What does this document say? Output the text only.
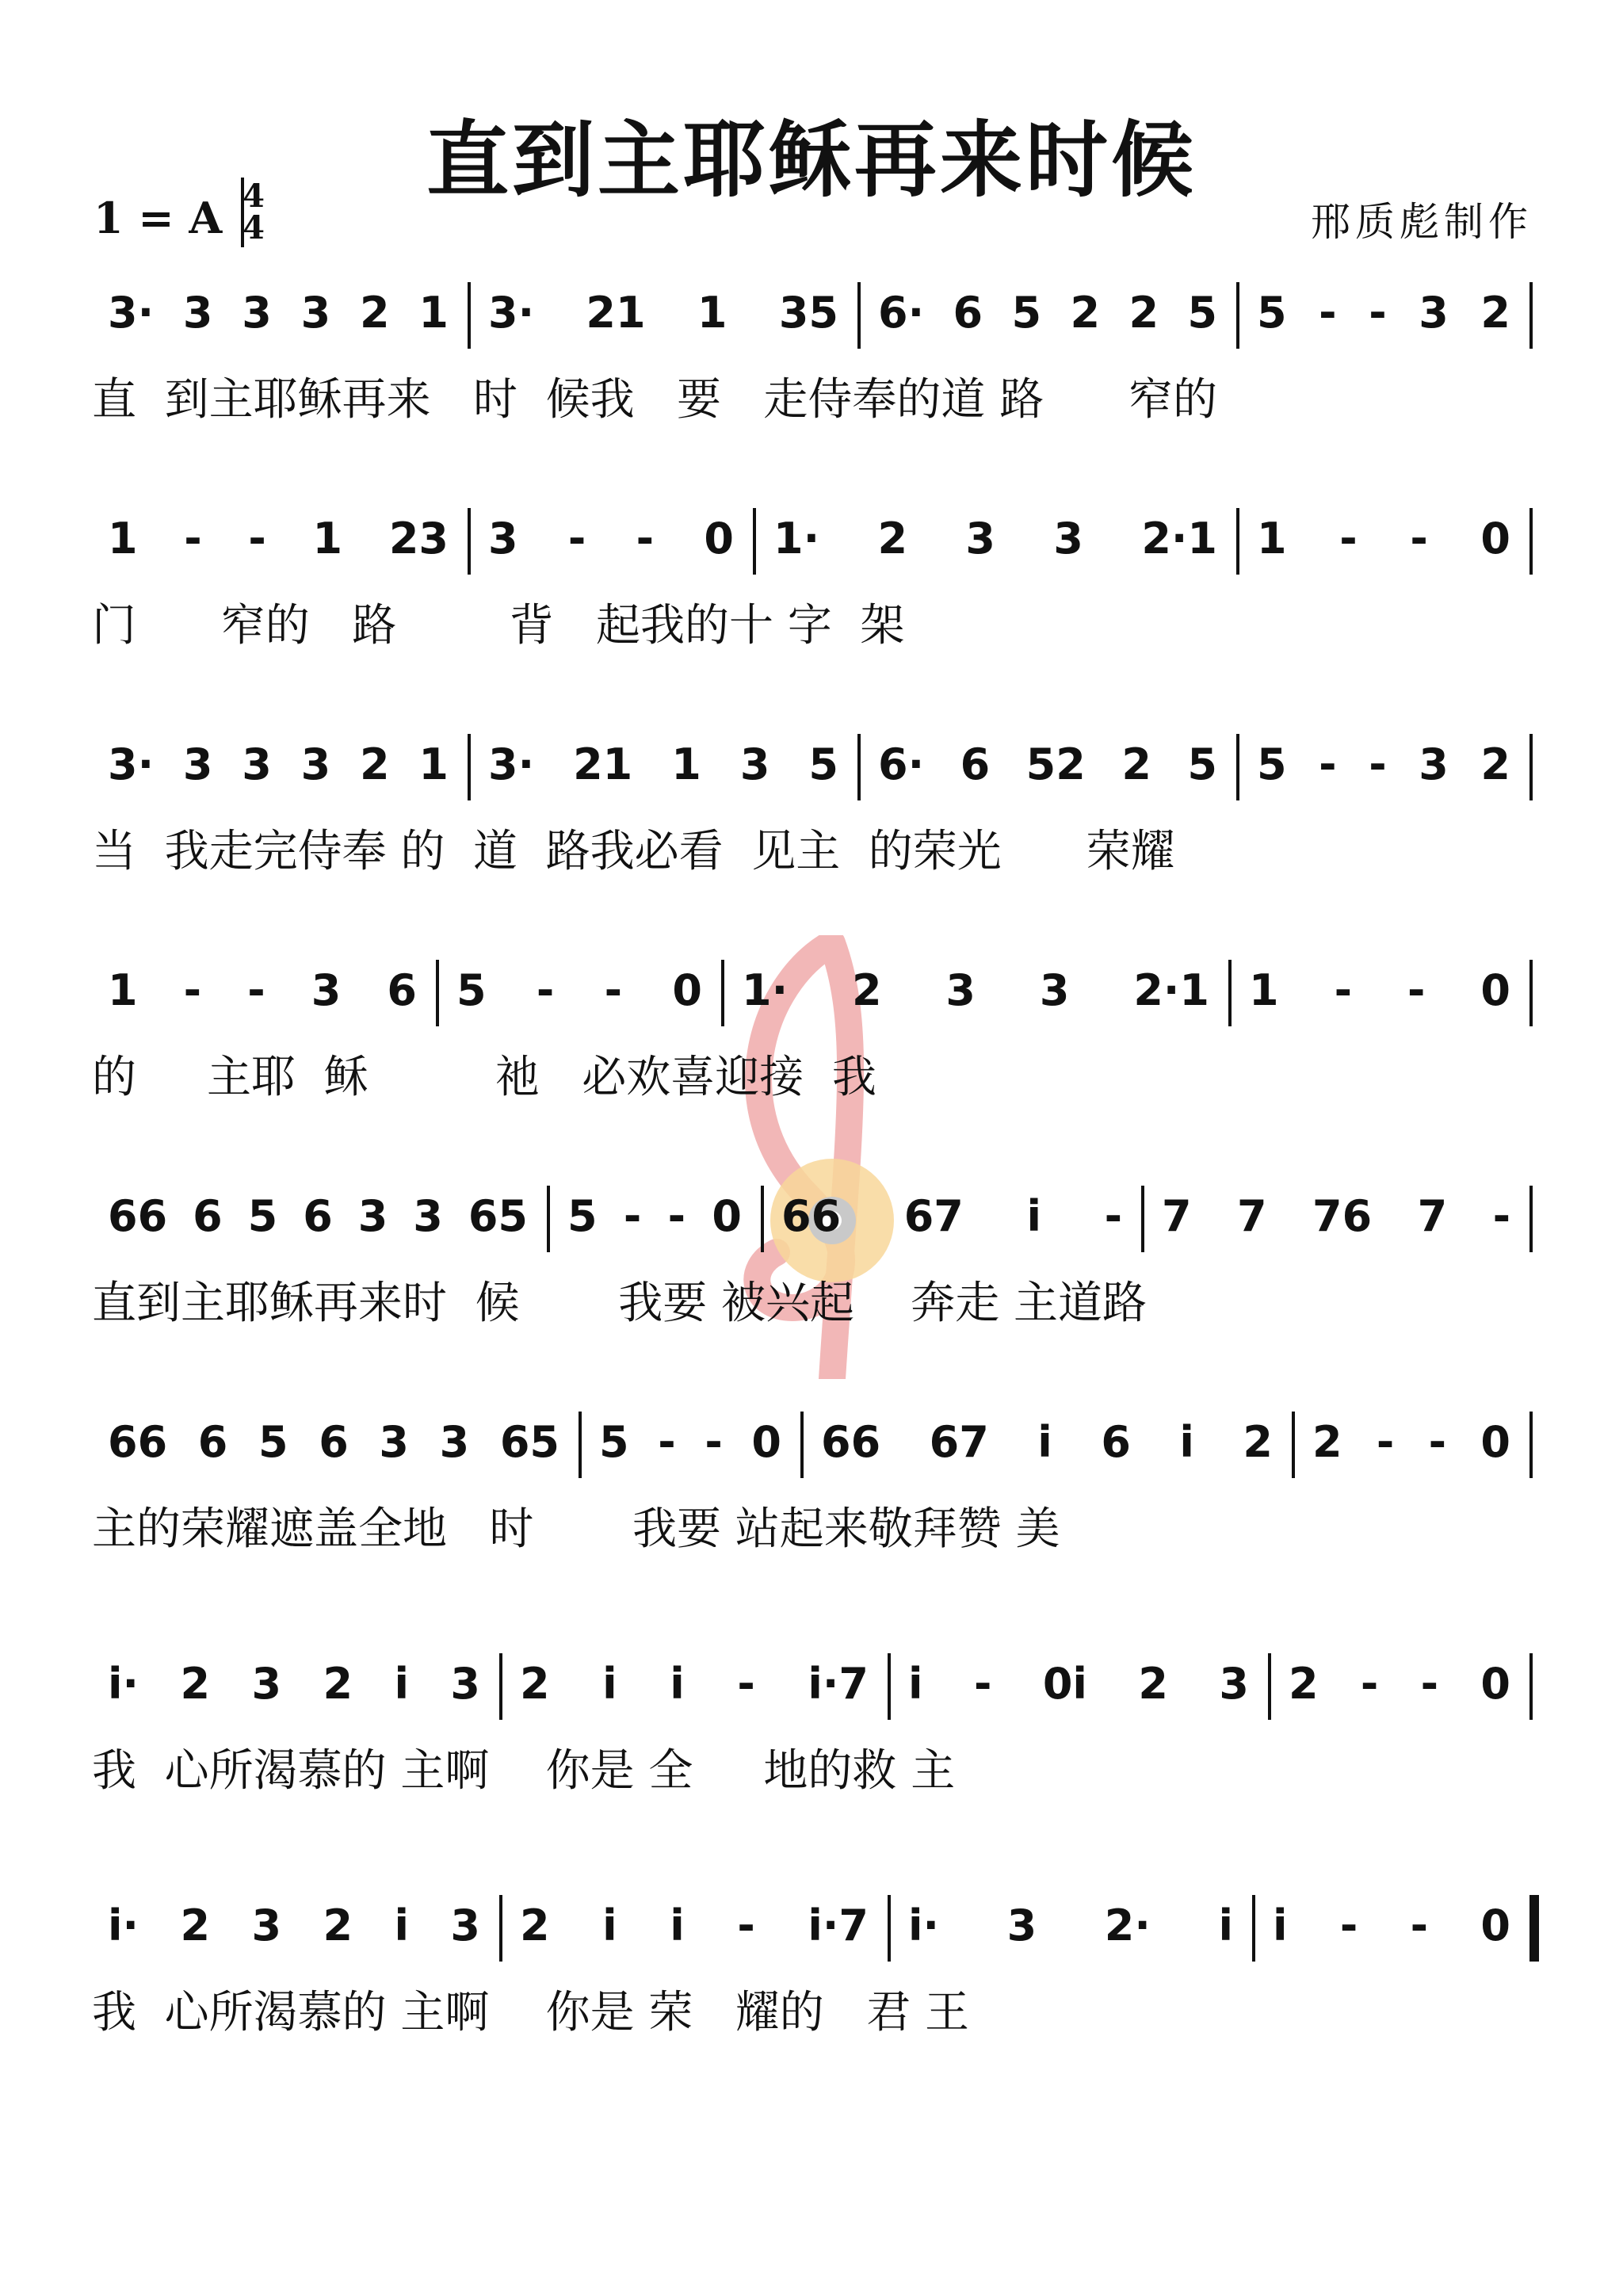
直到主耶稣再来时候
1 = A 4
4	邢质彪制作
3· 3 3 3 2 1 3· 21 1 35 6· 6 5 2 2 5 5 - - 3 2
直  到主耶稣再来   时  候我   要   走侍奉的道 路      窄的
1 - - 1 23 3 - - 0 1· 2 3 3 2·1 1 - - 0
门      窄的   路        背   起我的十 字  架
3· 3 3 3 2 1 3· 21 1 3 5 6· 6 52 2 5 5 - - 3 2
当  我走完侍奉 的  道  路我必看  见主  的荣光      荣耀
1 - - 3 6 5 - - 0 1· 2 3 3 2·1 1 - - 0
的     主耶  稣         祂   必欢喜迎接  我
66 6 5 6 3 3 65 5 - - 0 66 67 i - 7 7 76 7 -
直到主耶稣再来时  候       我要 被兴起    奔走 主道路
66 6 5 6 3 3 65 5 - - 0 66 67 i 6 i 2 2 - - 0
主的荣耀遮盖全地   时       我要 站起来敬拜赞 美
i· 2 3 2 i 3 2 i i - i·7 i - 0i 2 3 2 - - 0
我  心所渴慕的 主啊    你是 全     地的救 主
i· 2 3 2 i 3 2 i i - i·7 i· 3 2· i i - - 0
我  心所渴慕的 主啊    你是 荣   耀的   君 王
